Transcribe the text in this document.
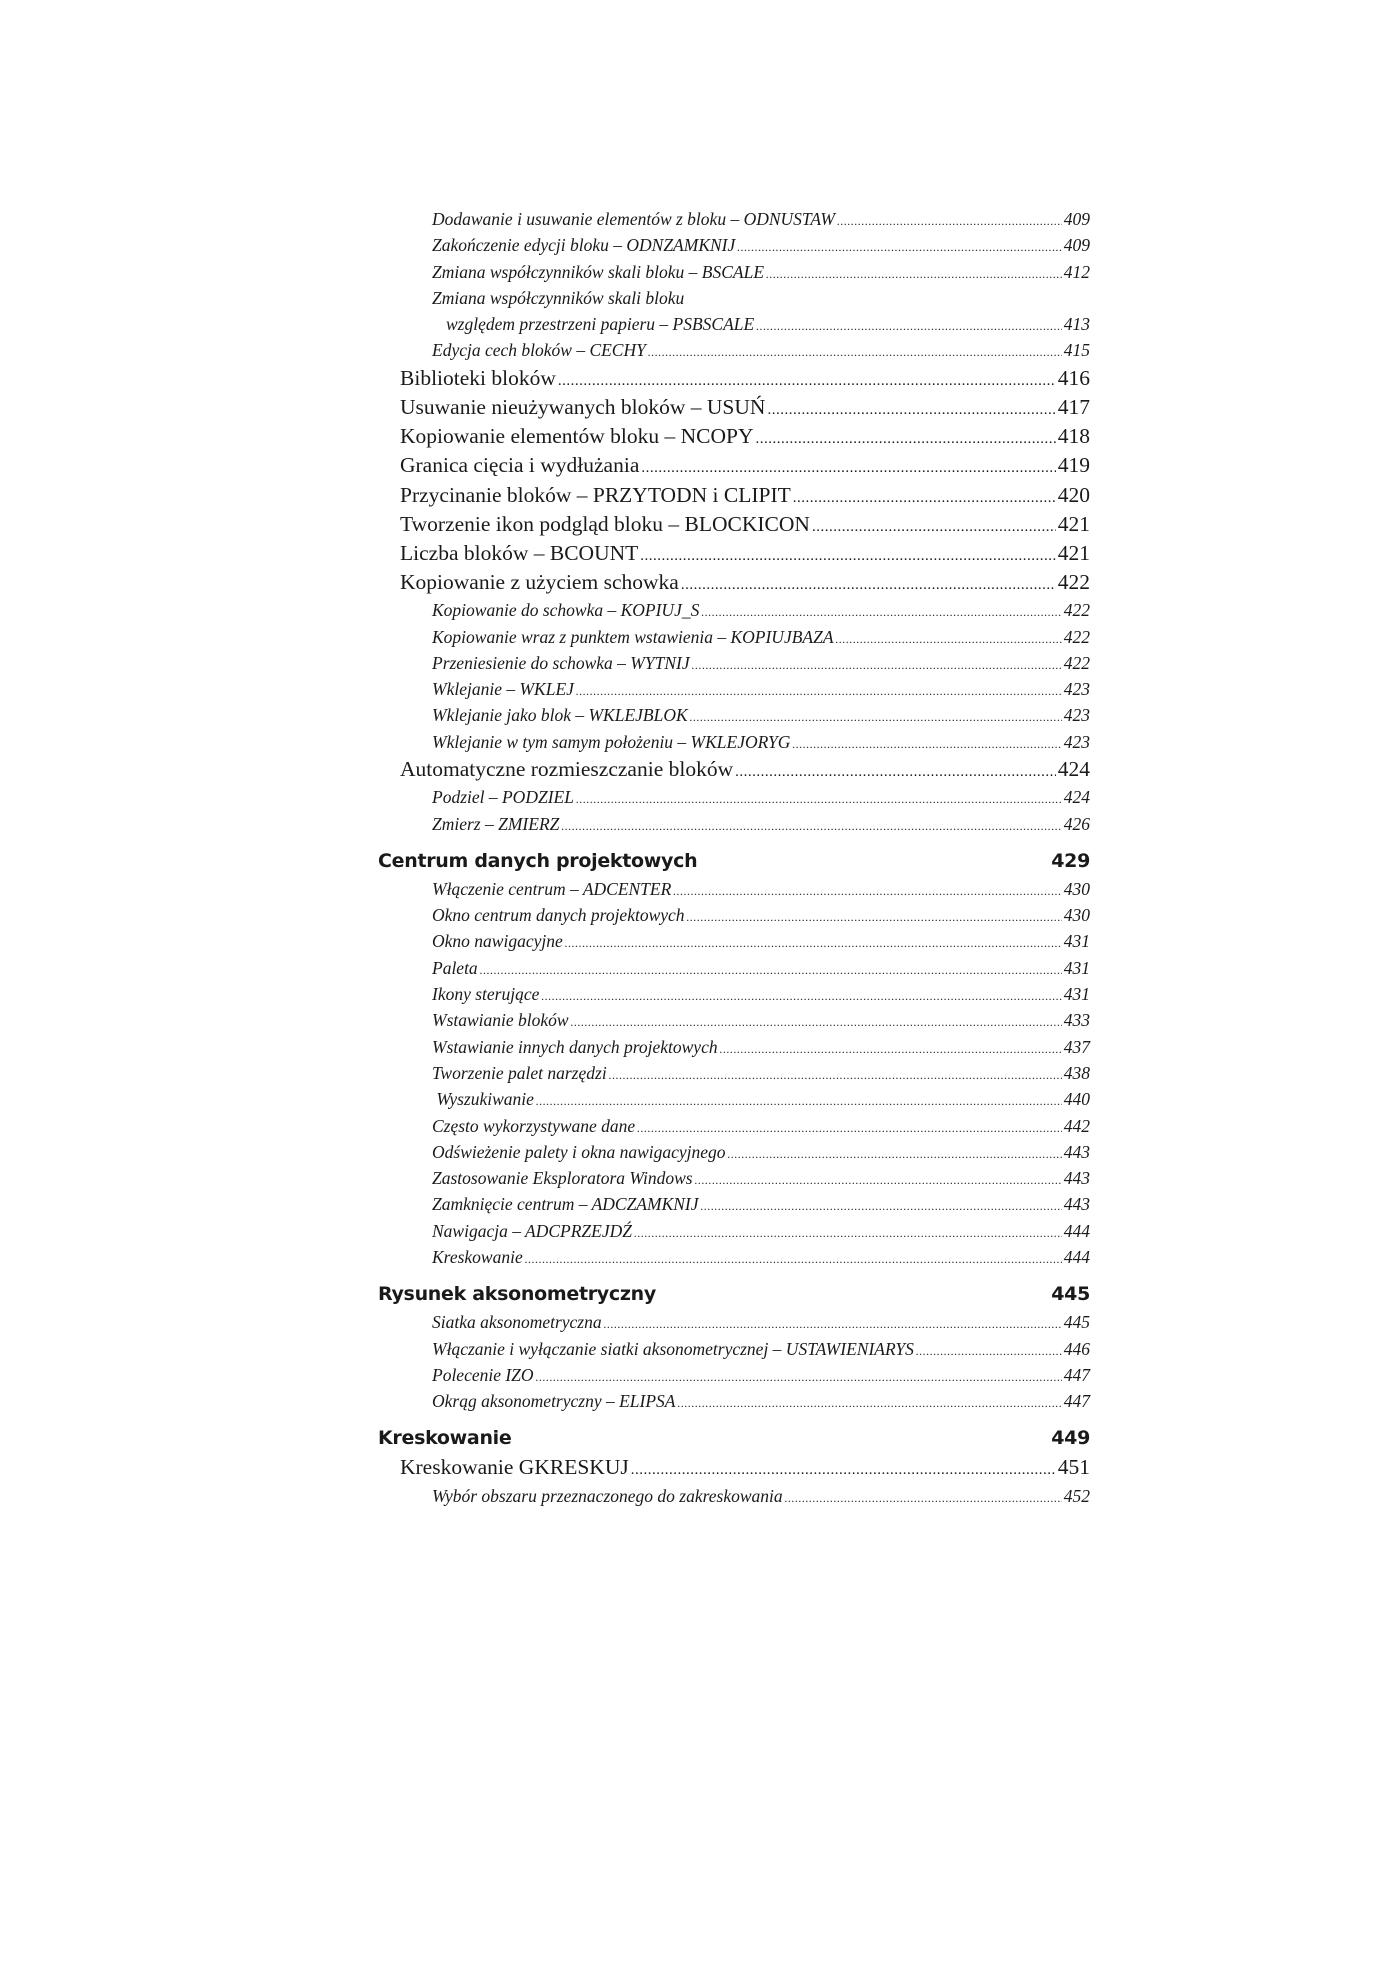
Dodawanie i usuwanie elementów z bloku – ODNUSTAW .....	409
Zakończenie edycji bloku – ODNZAMKNIJ .....	409
Zmiana współczynników skali bloku – BSCALE .....	412
Zmiana współczynników skali bloku
względem przestrzeni papieru – PSBSCALE .....	413
Edycja cech bloków – CECHY .....	415
Biblioteki bloków .....	416
Usuwanie nieużywanych bloków – USUŃ .....	417
Kopiowanie elementów bloku – NCOPY .....	418
Granica cięcia i wydłużania .....	419
Przycinanie bloków – PRZYTODN i CLIPIT .....	420
Tworzenie ikon podgląd bloku – BLOCKICON .....	421
Liczba bloków – BCOUNT .....	421
Kopiowanie z użyciem schowka .....	422
Kopiowanie do schowka – KOPIUJ_S .....	422
Kopiowanie wraz z punktem wstawienia – KOPIUJBAZA .....	422
Przeniesienie do schowka – WYTNIJ .....	422
Wklejanie – WKLEJ .....	423
Wklejanie jako blok – WKLEJBLOK .....	423
Wklejanie w tym samym położeniu – WKLEJORYG .....	423
Automatyczne rozmieszczanie bloków .....	424
Podziel – PODZIEL .....	424
Zmierz – ZMIERZ .....	426
Centrum danych projektowych	429
Włączenie centrum – ADCENTER .....	430
Okno centrum danych projektowych .....	430
Okno nawigacyjne .....	431
Paleta .....	431
Ikony sterujące .....	431
Wstawianie bloków .....	433
Wstawianie innych danych projektowych .....	437
Tworzenie palet narzędzi .....	438
Wyszukiwanie .....	440
Często wykorzystywane dane .....	442
Odświeżenie palety i okna nawigacyjnego .....	443
Zastosowanie Eksploratora Windows .....	443
Zamknięcie centrum – ADCZAMKNIJ .....	443
Nawigacja – ADCPRZEJDŹ .....	444
Kreskowanie .....	444
Rysunek aksonometryczny	445
Siatka aksonometryczna .....	445
Włączanie i wyłączanie siatki aksonometrycznej – USTAWIENIARYS .....	446
Polecenie IZO .....	447
Okrąg aksonometryczny – ELIPSA .....	447
Kreskowanie	449
Kreskowanie GKRESKUJ .....	451
Wybór obszaru przeznaczonego do zakreskowania .....	452
